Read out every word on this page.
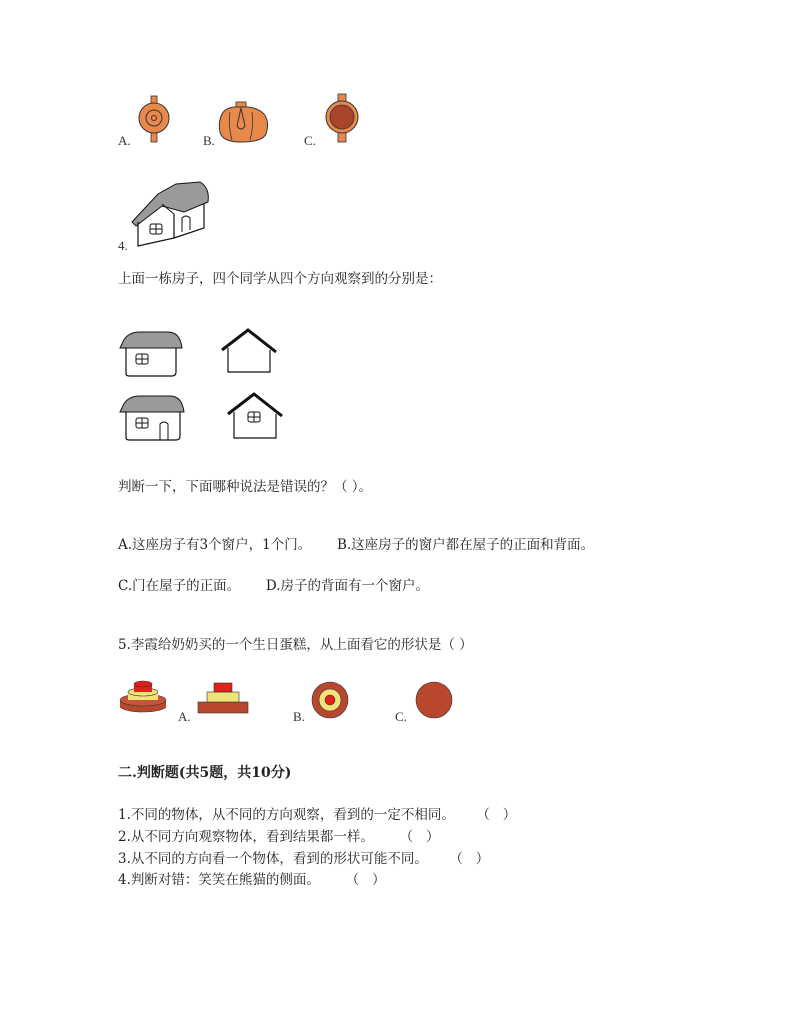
A.	B.	C.
4.
上面一栋房子，四个同学从四个方向观察到的分别是：
判断一下，下面哪种说法是错误的？（ ）。
A.这座房子有3个窗户，1个门。      B.这座房子的窗户都在屋子的正面和背面。
C.门在屋子的正面。      D.房子的背面有一个窗户。
5.李霞给奶奶买的一个生日蛋糕，从上面看它的形状是（ ）
A.	B.	C.
二.判断题(共5题，共10分)
1.不同的物体，从不同的方向观察，看到的一定不相同。     （   ）
2.从不同方向观察物体，看到结果都一样。      （   ）
3.从不同的方向看一个物体，看到的形状可能不同。     （   ）
4.判断对错：笑笑在熊猫的侧面。      （   ）
